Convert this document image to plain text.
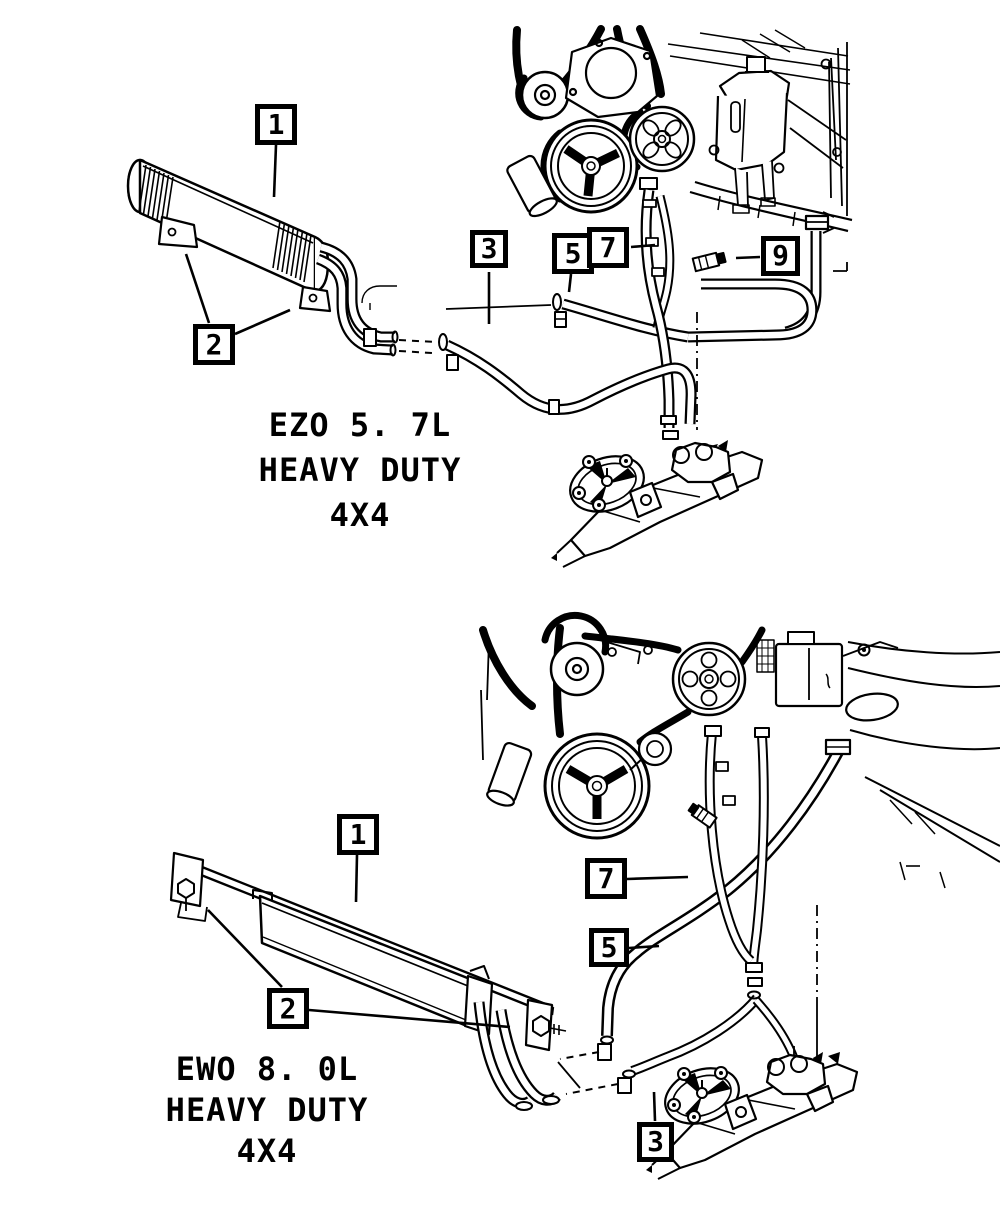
1
2
3	5 7	9
1
2
7
5
3
EZO 5. 7L
HEAVY DUTY
4X4
EWO 8. 0L
HEAVY DUTY
4X4
